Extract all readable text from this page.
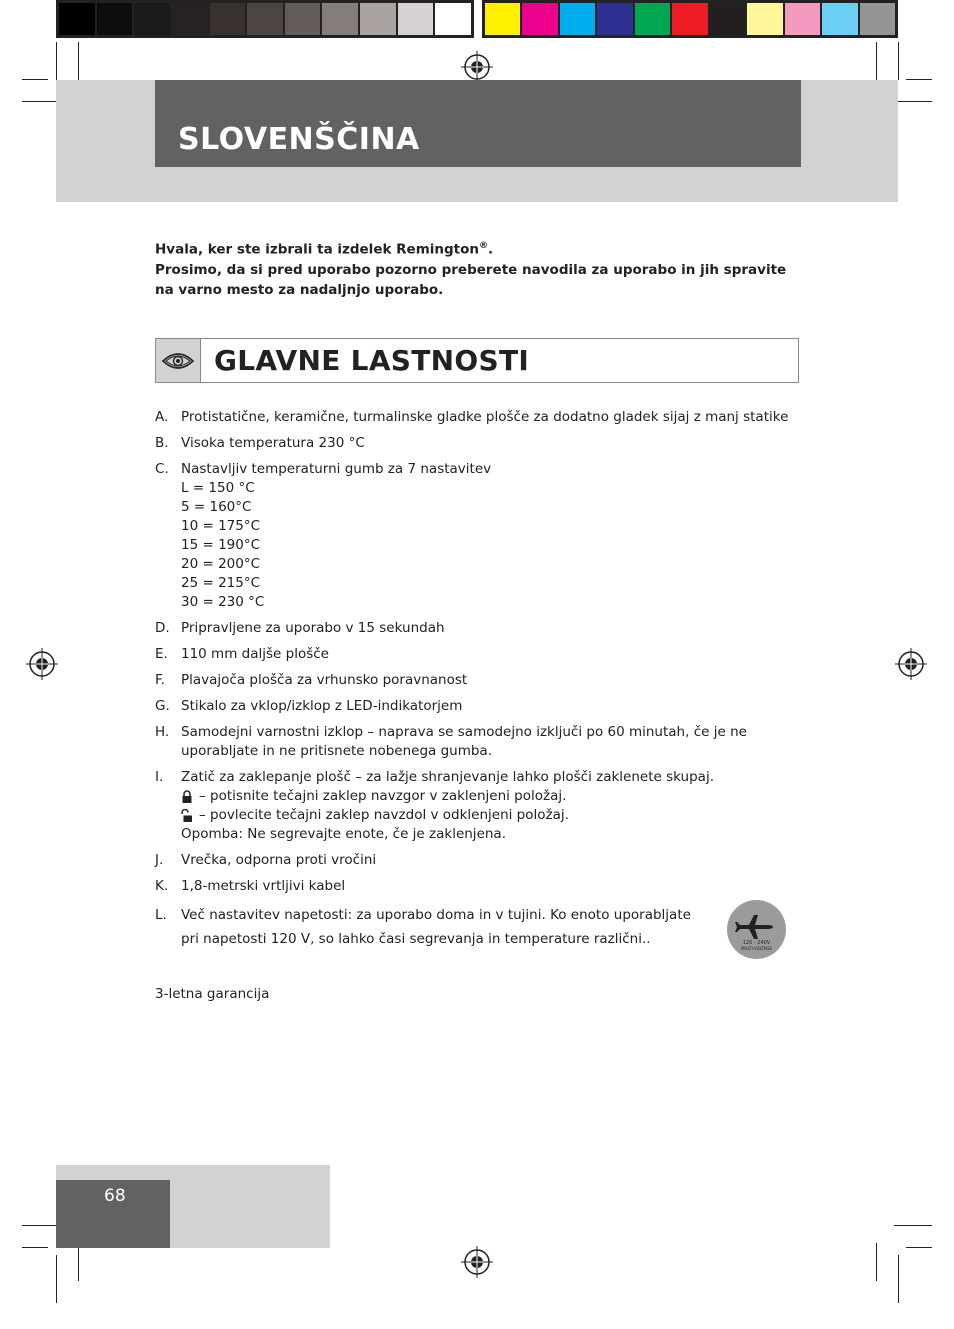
SLOVENŠČINA
Hvala, ker ste izbrali ta izdelek Remington®.
Prosimo, da si pred uporabo pozorno preberete navodila za uporabo in jih spravite na varno mesto za nadaljnjo uporabo.
GLAVNE LASTNOSTI
A. Protistatične, keramične, turmalinske gladke plošče za dodatno gladek sijaj z manj statike
B. Visoka temperatura 230 °C
C. Nastavljiv temperaturni gumb za 7 nastavitev
L = 150 °C
5 = 160°C
10 = 175°C
15 = 190°C
20 = 200°C
25 = 215°C
30 = 230 °C
D. Pripravljene za uporabo v 15 sekundah
E. 110 mm daljše plošče
F. Plavajoča plošča za vrhunsko poravnanost
G. Stikalo za vklop/izklop z LED-indikatorjem
H. Samodejni varnostni izklop – naprava se samodejno izključi po 60 minutah, če je ne uporabljate in ne pritisnete nobenega gumba.
I. Zatič za zaklepanje plošč – za lažje shranjevanje lahko plošči zaklenete skupaj.
– potisnite tečajni zaklep navzgor v zaklenjeni položaj.
– povlecite tečajni zaklep navzdol v odklenjeni položaj.
Opomba: Ne segrevajte enote, če je zaklenjena.
J. Vrečka, odporna proti vročini
K. 1,8-metrski vrtljivi kabel
L. Več nastavitev napetosti: za uporabo doma in v tujini. Ko enoto uporabljate pri napetosti 120 V, so lahko časi segrevanja in temperature različni..	120 - 240V
MULTI-VOLTAGE
3-letna garancija
68
